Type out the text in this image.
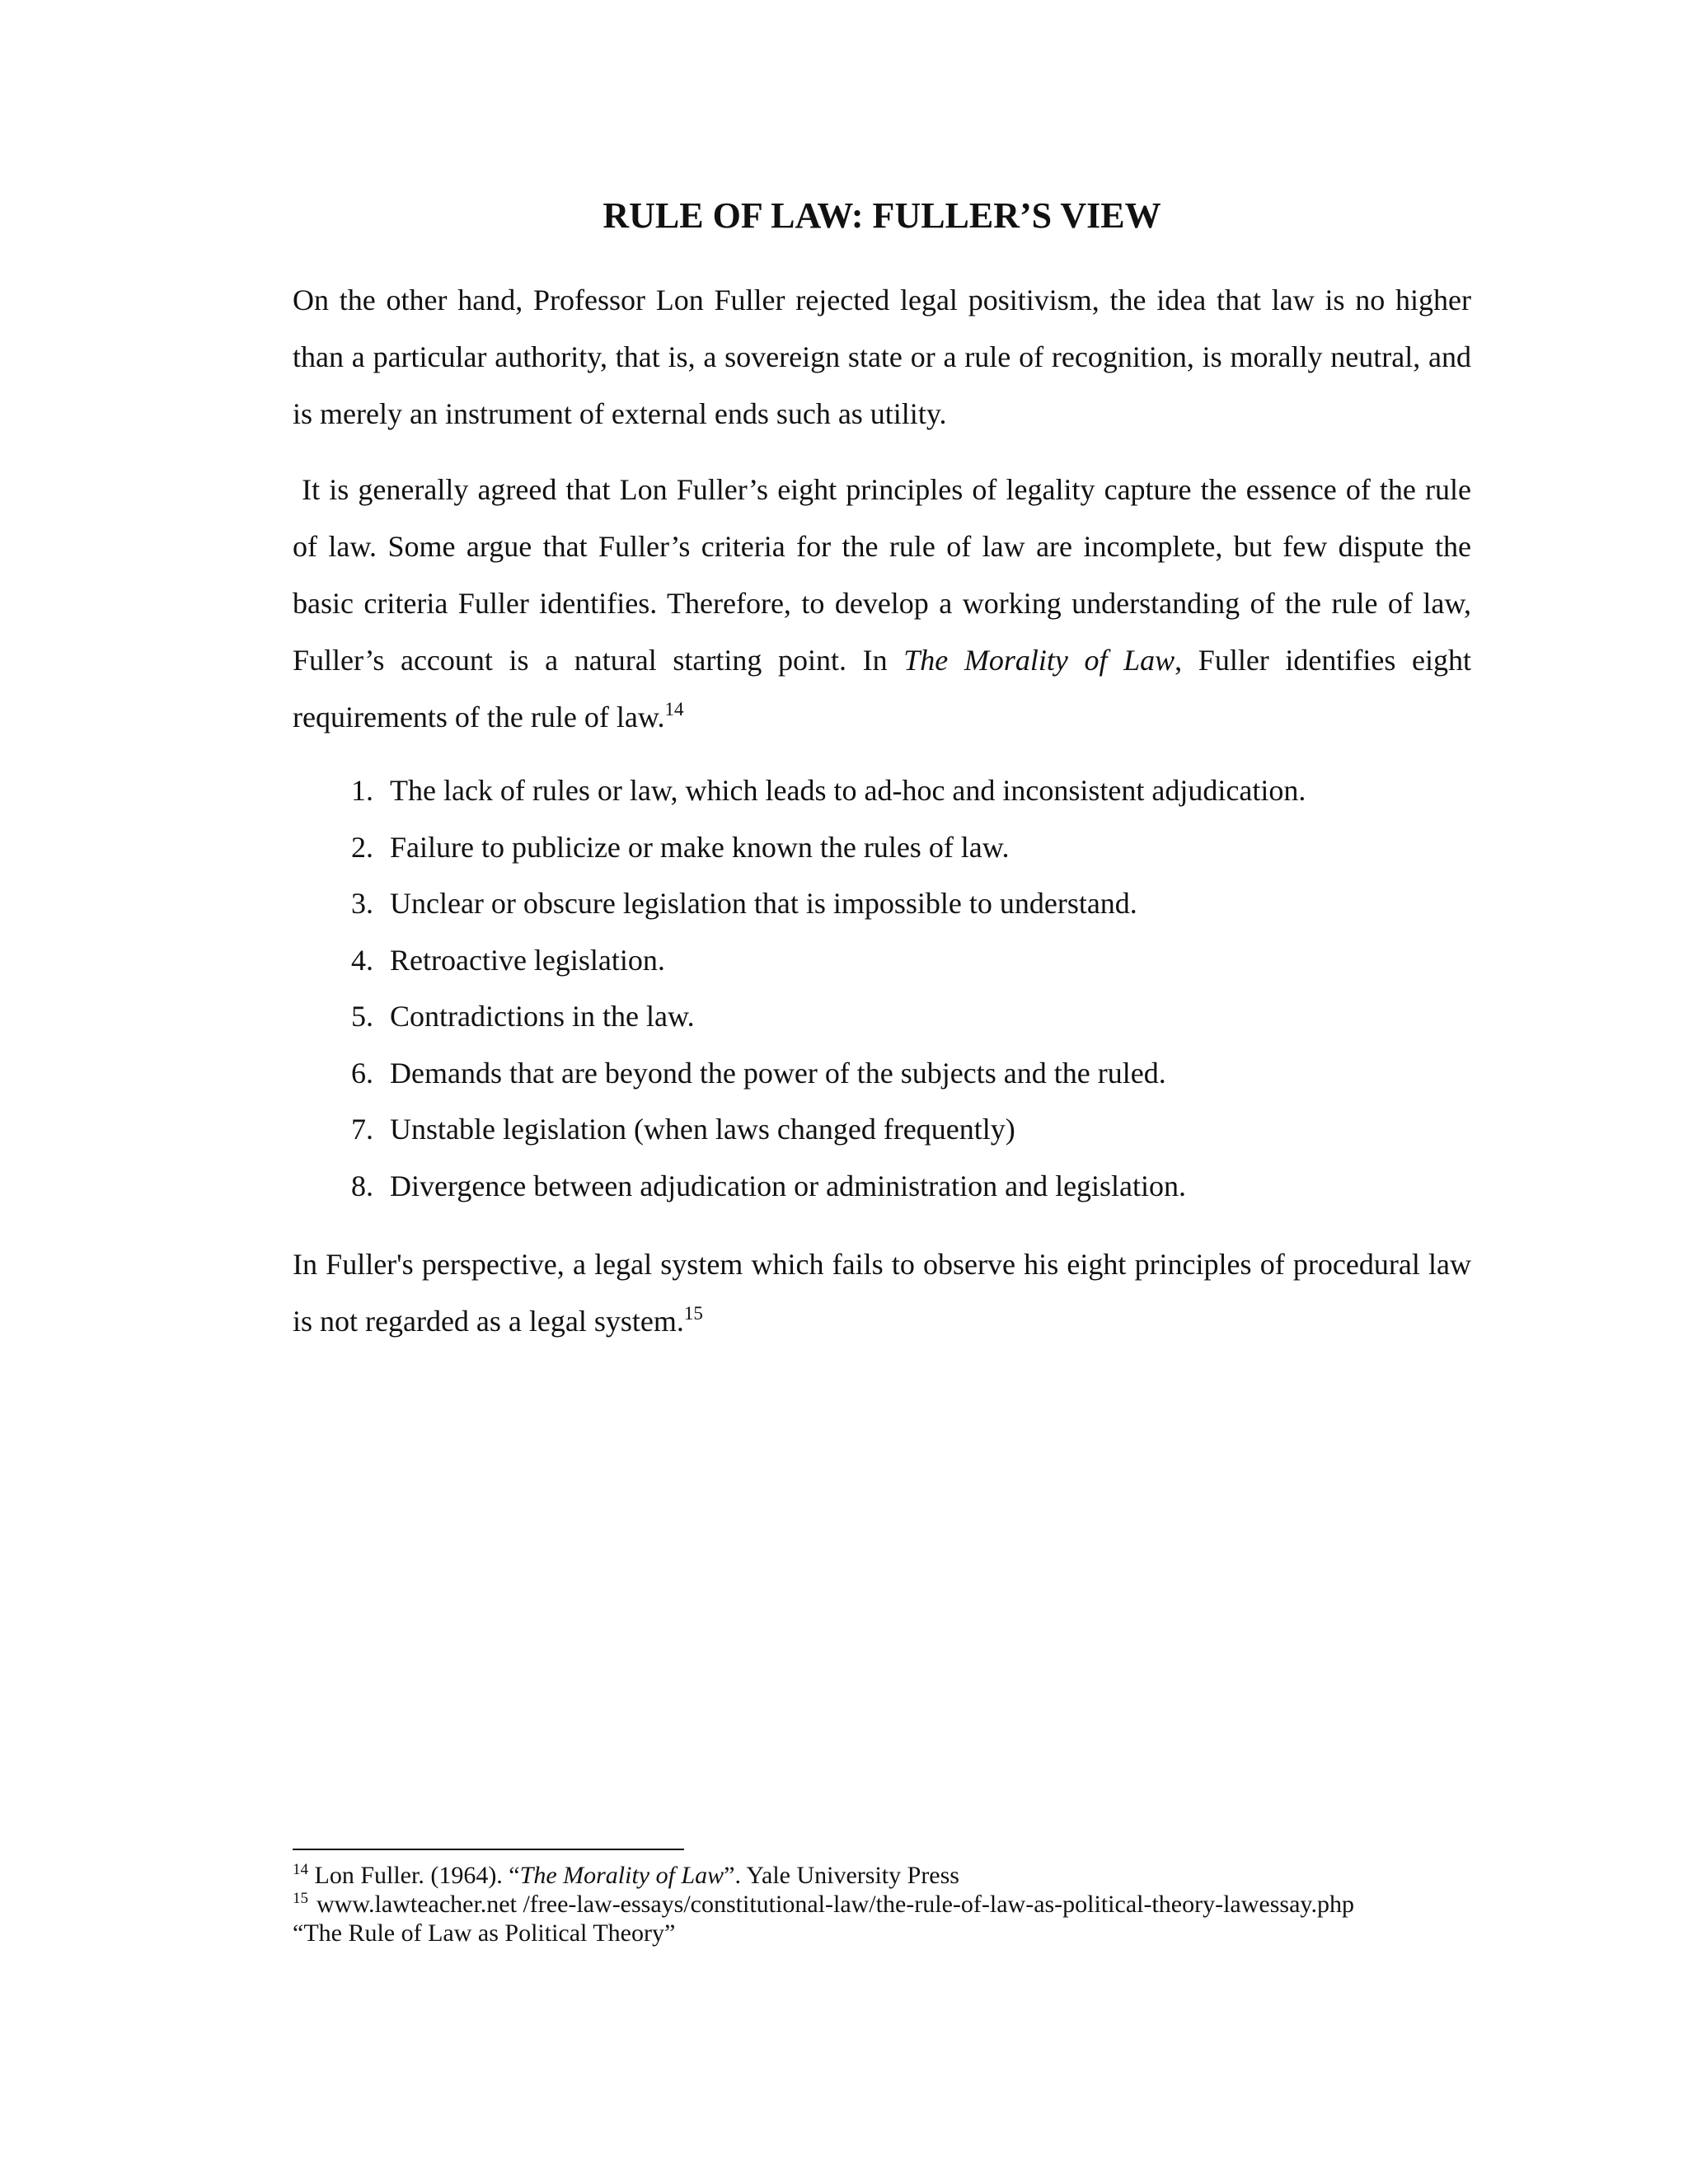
RULE OF LAW: FULLER’S VIEW

On the other hand, Professor Lon Fuller rejected legal positivism, the idea that law is no higher than a particular authority, that is, a sovereign state or a rule of recognition, is morally neutral, and is merely an instrument of external ends such as utility.

It is generally agreed that Lon Fuller’s eight principles of legality capture the essence of the rule of law. Some argue that Fuller’s criteria for the rule of law are incomplete, but few dispute the basic criteria Fuller identifies. Therefore, to develop a working understanding of the rule of law, Fuller’s account is a natural starting point. In The Morality of Law, Fuller identifies eight requirements of the rule of law.$^{14}$

1. The lack of rules or law, which leads to ad-hoc and inconsistent adjudication.
2. Failure to publicize or make known the rules of law.
3. Unclear or obscure legislation that is impossible to understand.
4. Retroactive legislation.
5. Contradictions in the law.
6. Demands that are beyond the power of the subjects and the ruled.
7. Unstable legislation (when laws changed frequently)
8. Divergence between adjudication or administration and legislation.

In Fuller's perspective, a legal system which fails to observe his eight principles of procedural law is not regarded as a legal system.$^{15}$

$^{14}$ Lon Fuller. (1964). “The Morality of Law”. Yale University Press

$^{15}$ www.lawteacher.net /free-law-essays/constitutional-law/the-rule-of-law-as-political-theory-lawessay.php

“The Rule of Law as Political Theory”
